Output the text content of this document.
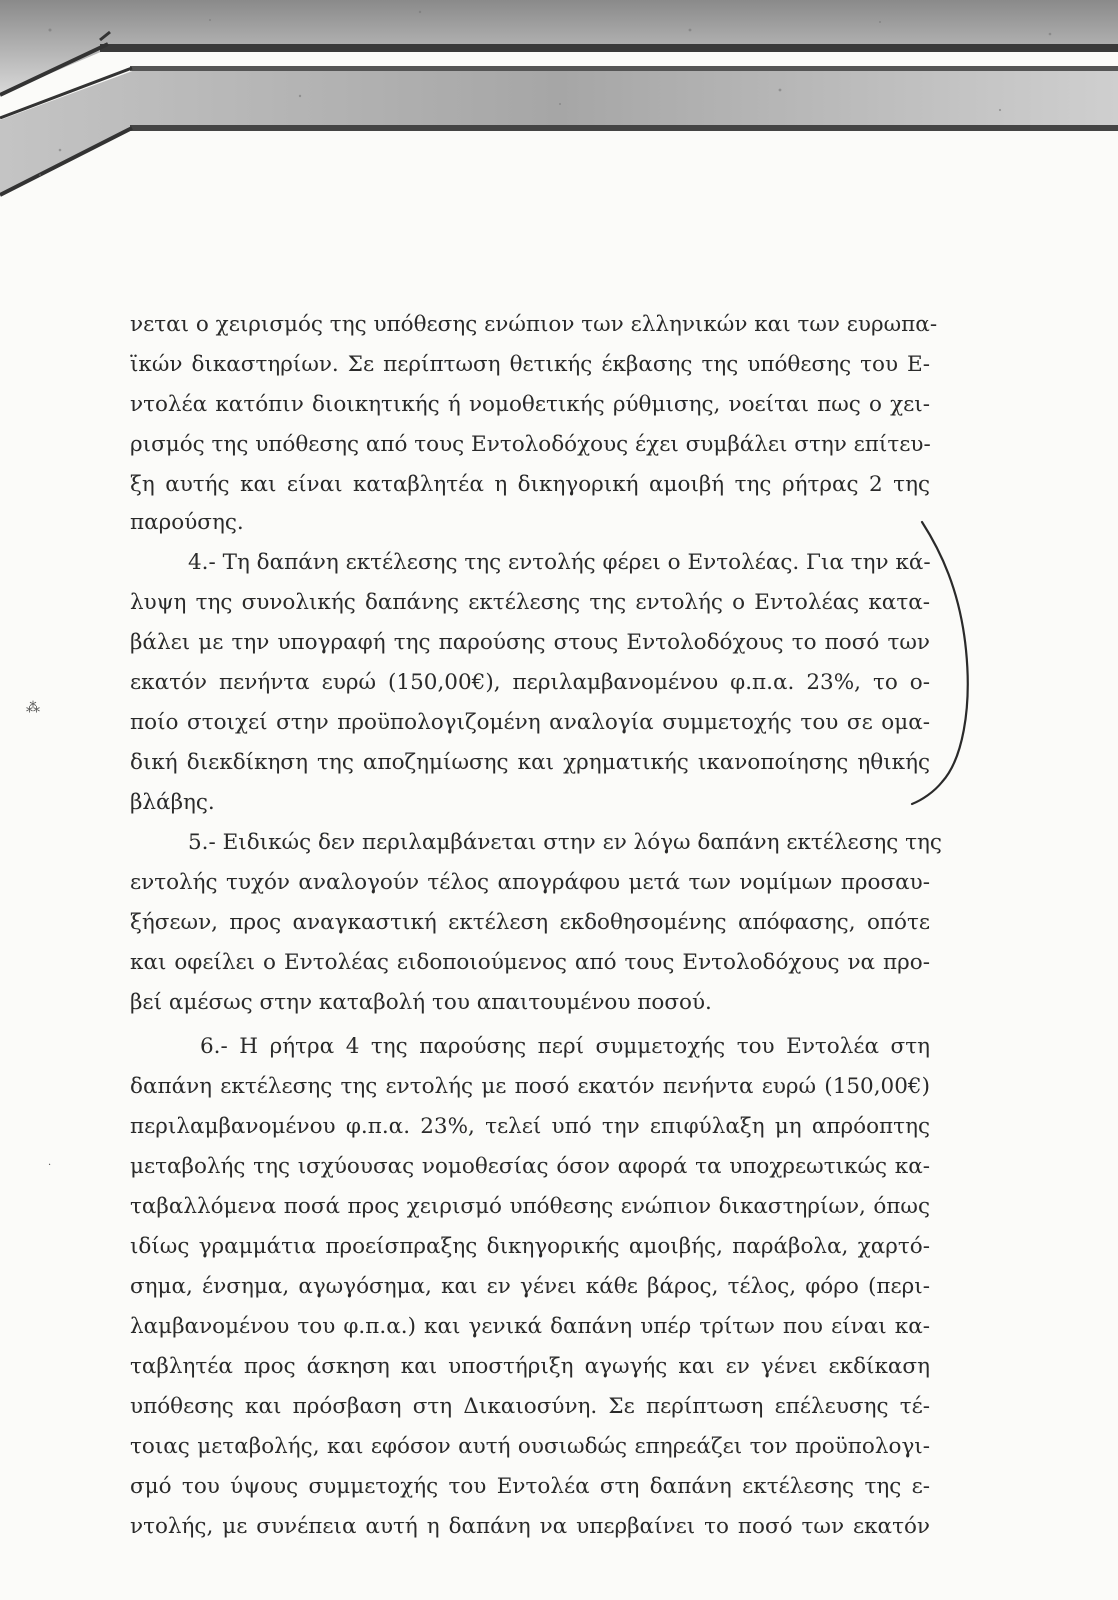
νεται ο χειρισμός της υπόθεσης ενώπιον των ελληνικών και των ευρωπα-
ϊκών δικαστηρίων. Σε περίπτωση θετικής έκβασης της υπόθεσης του Ε-
ντολέα κατόπιν διοικητικής ή νομοθετικής ρύθμισης, νοείται πως ο χει-
ρισμός της υπόθεσης από τους Εντολοδόχους έχει συμβάλει στην επίτευ-
ξη αυτής και είναι καταβλητέα η δικηγορική αμοιβή της ρήτρας 2 της
παρούσης.
4.- Τη δαπάνη εκτέλεσης της εντολής φέρει ο Εντολέας. Για την κά-
λυψη της συνολικής δαπάνης εκτέλεσης της εντολής ο Εντολέας κατα-
βάλει με την υπογραφή της παρούσης στους Εντολοδόχους το ποσό των
εκατόν πενήντα ευρώ (150,00€), περιλαμβανομένου φ.π.α. 23%, το ο-
ποίο στοιχεί στην προϋπολογιζομένη αναλογία συμμετοχής του σε ομα-
δική διεκδίκηση της αποζημίωσης και χρηματικής ικανοποίησης ηθικής
βλάβης.
5.- Ειδικώς δεν περιλαμβάνεται στην εν λόγω δαπάνη εκτέλεσης της
εντολής τυχόν αναλογούν τέλος απογράφου μετά των νομίμων προσαυ-
ξήσεων, προς αναγκαστική εκτέλεση εκδοθησομένης απόφασης, οπότε
και οφείλει ο Εντολέας ειδοποιούμενος από τους Εντολοδόχους να προ-
βεί αμέσως στην καταβολή του απαιτουμένου ποσού.
6.- Η ρήτρα 4 της παρούσης περί συμμετοχής του Εντολέα στη
δαπάνη εκτέλεσης της εντολής με ποσό εκατόν πενήντα ευρώ (150,00€)
περιλαμβανομένου φ.π.α. 23%, τελεί υπό την επιφύλαξη μη απρόοπτης
μεταβολής της ισχύουσας νομοθεσίας όσον αφορά τα υποχρεωτικώς κα-
ταβαλλόμενα ποσά προς χειρισμό υπόθεσης ενώπιον δικαστηρίων, όπως
ιδίως γραμμάτια προείσπραξης δικηγορικής αμοιβής, παράβολα, χαρτό-
σημα, ένσημα, αγωγόσημα, και εν γένει κάθε βάρος, τέλος, φόρο (περι-
λαμβανομένου του φ.π.α.) και γενικά δαπάνη υπέρ τρίτων που είναι κα-
ταβλητέα προς άσκηση και υποστήριξη αγωγής και εν γένει εκδίκαση
υπόθεσης και πρόσβαση στη Δικαιοσύνη. Σε περίπτωση επέλευσης τέ-
τοιας μεταβολής, και εφόσον αυτή ουσιωδώς επηρεάζει τον προϋπολογι-
σμό του ύψους συμμετοχής του Εντολέα στη δαπάνη εκτέλεσης της ε-
ντολής, με συνέπεια αυτή η δαπάνη να υπερβαίνει το ποσό των εκατόν
⁂
·
